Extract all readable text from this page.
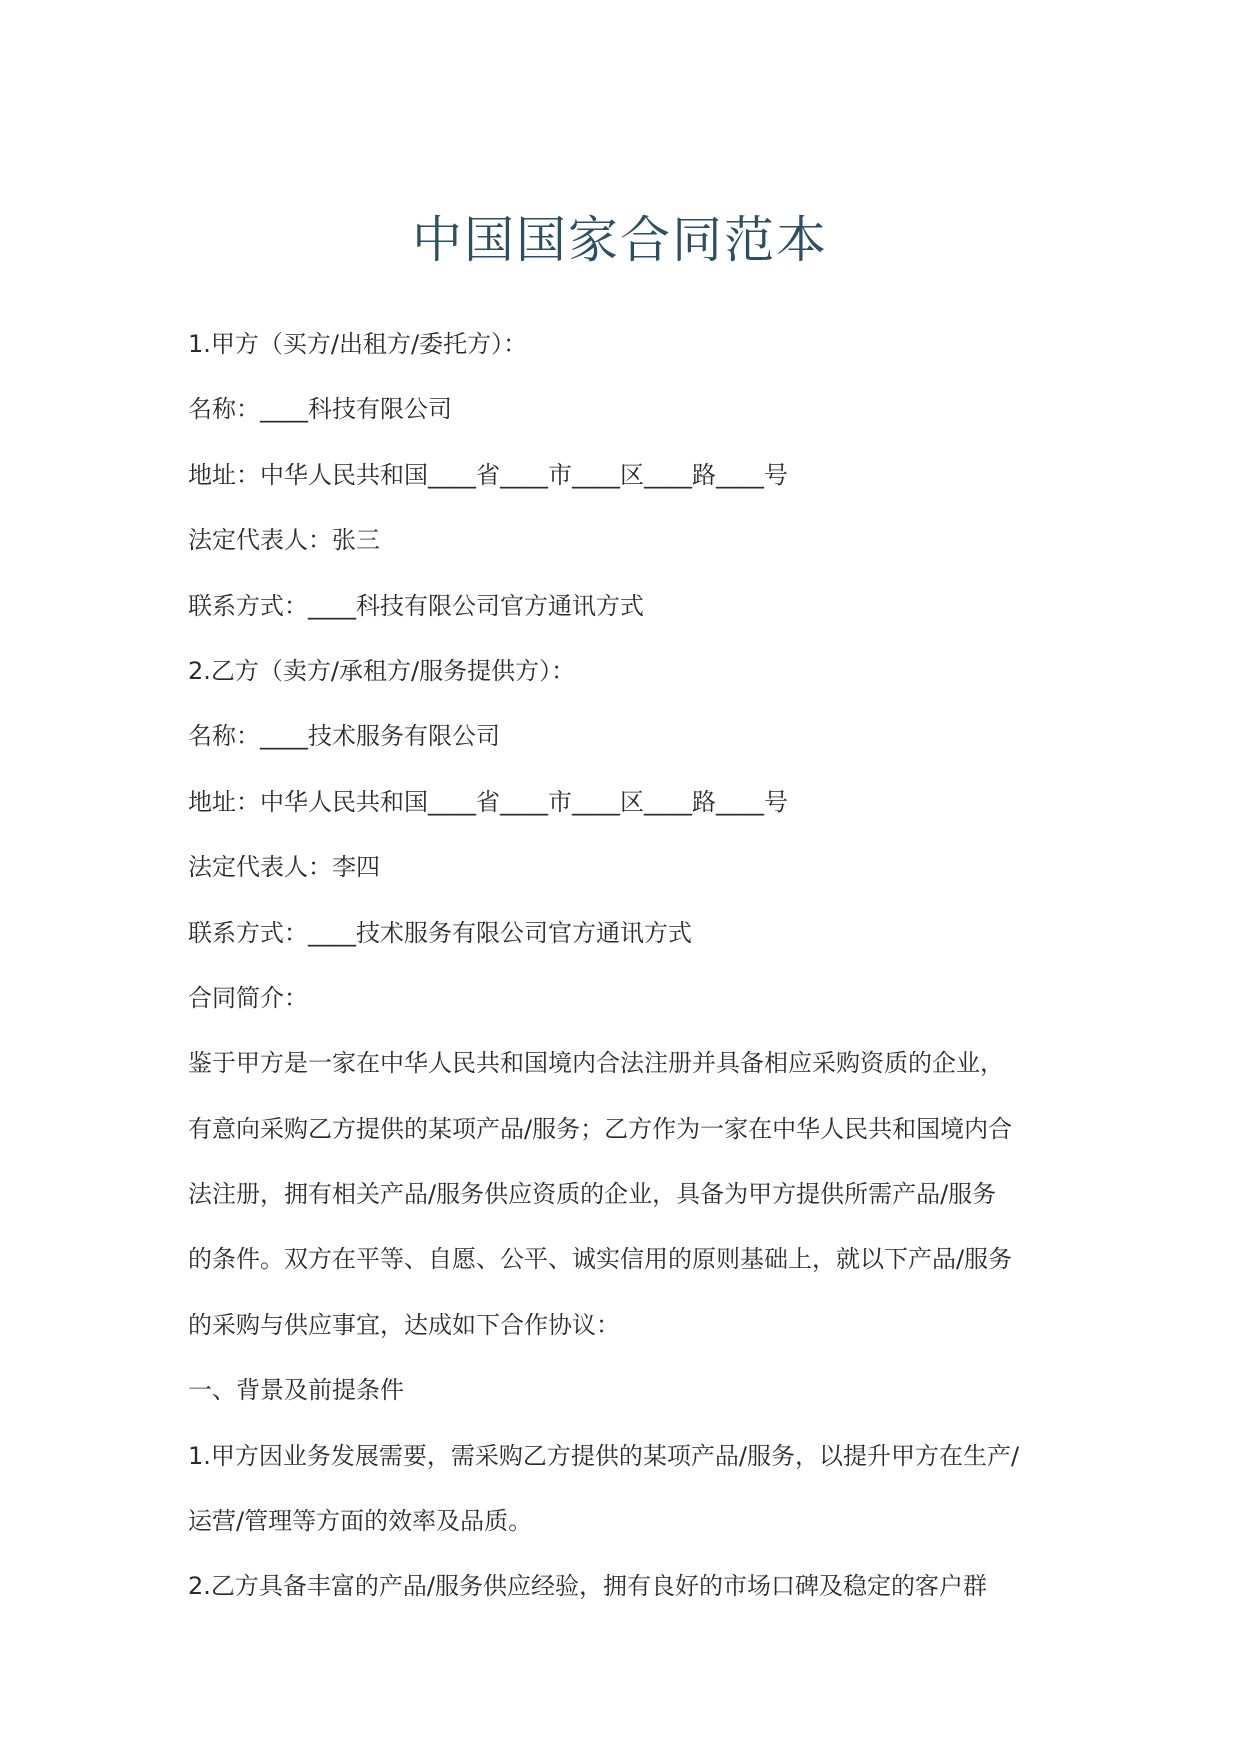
中国国家合同范本

1.甲方（买方/出租方/委托方）：

名称：____科技有限公司

地址：中华人民共和国____省____市____区____路____号

法定代表人：张三

联系方式：____科技有限公司官方通讯方式

2.乙方（卖方/承租方/服务提供方）：

名称：____技术服务有限公司

地址：中华人民共和国____省____市____区____路____号

法定代表人：李四

联系方式：____技术服务有限公司官方通讯方式

合同简介：

鉴于甲方是一家在中华人民共和国境内合法注册并具备相应采购资质的企业，

有意向采购乙方提供的某项产品/服务；乙方作为一家在中华人民共和国境内合

法注册，拥有相关产品/服务供应资质的企业，具备为甲方提供所需产品/服务

的条件。双方在平等、自愿、公平、诚实信用的原则基础上，就以下产品/服务

的采购与供应事宜，达成如下合作协议：

一、背景及前提条件

1.甲方因业务发展需要，需采购乙方提供的某项产品/服务，以提升甲方在生产/

运营/管理等方面的效率及品质。

2.乙方具备丰富的产品/服务供应经验，拥有良好的市场口碑及稳定的客户群
